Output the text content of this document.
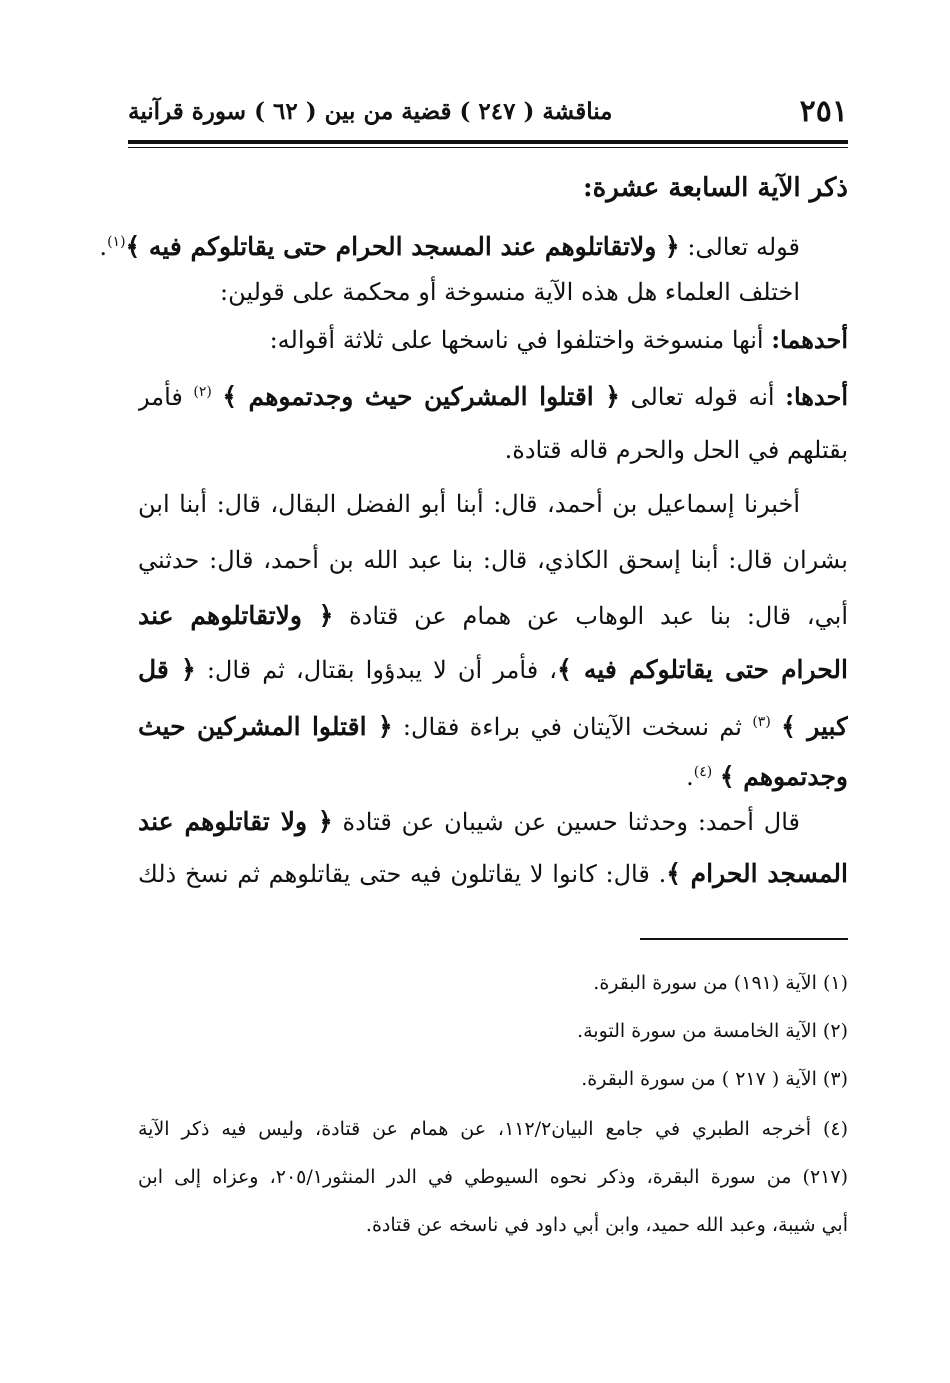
٢٥١
مناقشة ( ٢٤٧ ) قضية من بين ( ٦٢ ) سورة قرآنية
ذكر الآية السابعة عشرة:
قوله تعالى: ﴿ ولاتقاتلوهم عند المسجد الحرام حتى يقاتلوكم فيه ﴾$^{(١)}$.
اختلف العلماء هل هذه الآية منسوخة أو محكمة على قولين:
أحدهما: أنها منسوخة واختلفوا في ناسخها على ثلاثة أقواله:
أحدها: أنه قوله تعالى ﴿ اقتلوا المشركين حيث وجدتموهم ﴾ $^{(٢)}$ فأمر
بقتلهم في الحل والحرم قاله قتادة.
أخبرنا إسماعيل بن أحمد، قال: أبنا أبو الفضل البقال، قال: أبنا ابن
بشران قال: أبنا إسحق الكاذي، قال: بنا عبد الله بن أحمد، قال: حدثني
أبي، قال: بنا عبد الوهاب عن همام عن قتادة ﴿ ولاتقاتلوهم عند
الحرام حتى يقاتلوكم فيه ﴾، فأمر أن لا يبدؤوا بقتال، ثم قال: ﴿ قل
كبير ﴾ $^{(٣)}$ ثم نسخت الآيتان في براءة فقال: ﴿ اقتلوا المشركين حيث
وجدتموهم ﴾ $^{(٤)}$.
قال أحمد: وحدثنا حسين عن شيبان عن قتادة ﴿ ولا تقاتلوهم عند
المسجد الحرام ﴾. قال: كانوا لا يقاتلون فيه حتى يقاتلوهم ثم نسخ ذلك
(١) الآية (١٩١) من سورة البقرة.
(٢) الآية الخامسة من سورة التوبة.
(٣) الآية ( ٢١٧ ) من سورة البقرة.
(٤) أخرجه الطبري في جامع البيان١١٢/٢، عن همام عن قتادة، وليس فيه ذكر الآية
(٢١٧) من سورة البقرة، وذكر نحوه السيوطي في الدر المنثور٢٠٥/١، وعزاه إلى ابن
أبي شيبة، وعبد الله حميد، وابن أبي داود في ناسخه عن قتادة.
